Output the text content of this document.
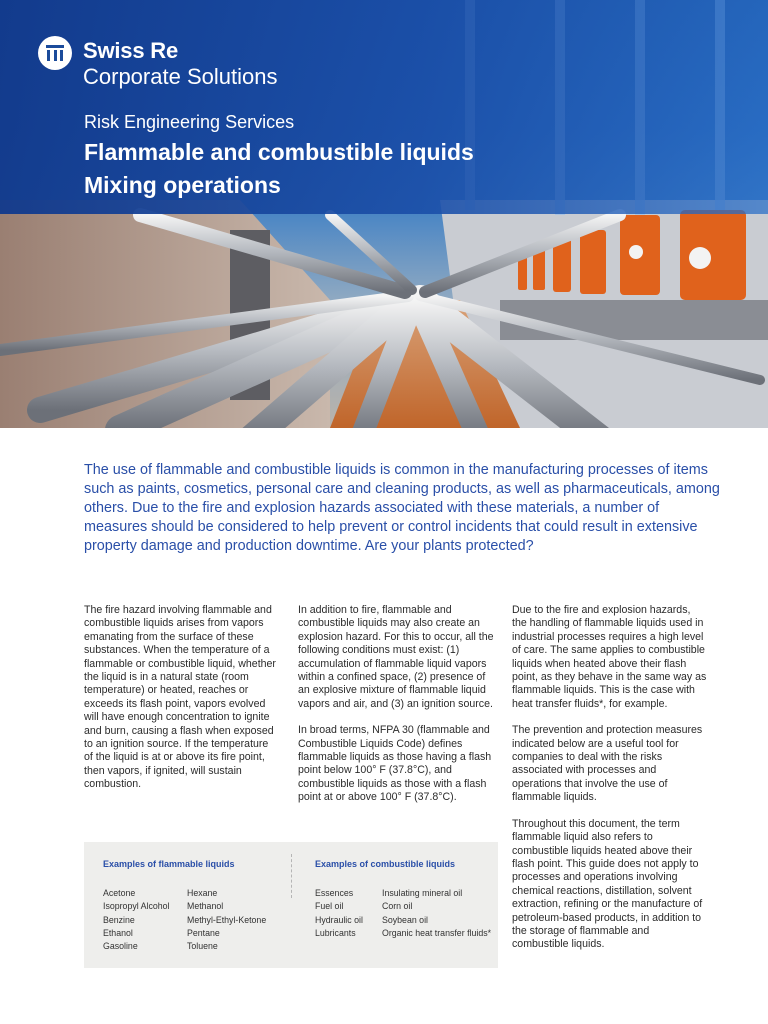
Swiss Re
Corporate Solutions
Risk Engineering Services
Flammable and combustible liquids
Mixing operations

The use of flammable and combustible liquids is common in the manufacturing processes of items such as paints, cosmetics, personal care and cleaning products, as well as pharmaceuticals, among others. Due to the fire and explosion hazards associated with these materials, a number of measures should be considered to help prevent or control incidents that could result in extensive property damage and production downtime. Are your plants protected?

The fire hazard involving flammable and combustible liquids arises from vapors emanating from the surface of these substances. When the temperature of a flammable or combustible liquid, whether the liquid is in a natural state (room temperature) or heated, reaches or exceeds its flash point, vapors evolved will have enough concentration to ignite and burn, causing a flash when exposed to an ignition source. If the temperature of the liquid is at or above its fire point, then vapors, if ignited, will sustain combustion.

In addition to fire, flammable and combustible liquids may also create an explosion hazard. For this to occur, all the following conditions must exist: (1) accumulation of flammable liquid vapors within a confined space, (2) presence of an explosive mixture of flammable liquid vapors and air, and (3) an ignition source.

In broad terms, NFPA 30 (flammable and Combustible Liquids Code) defines flammable liquids as those having a flash point below 100° F (37.8°C), and combustible liquids as those with a flash point at or above 100° F (37.8°C).

Due to the fire and explosion hazards, the handling of flammable liquids used in industrial processes requires a high level of care. The same applies to combustible liquids when heated above their flash point, as they behave in the same way as flammable liquids. This is the case with heat transfer fluids*, for example.

The prevention and protection measures indicated below are a useful tool for companies to deal with the risks associated with processes and operations that involve the use of flammable liquids.

Throughout this document, the term flammable liquid also refers to combustible liquids heated above their flash point. This guide does not apply to processes and operations involving chemical reactions, distillation, solvent extraction, refining or the manufacture of petroleum-based products, in addition to the storage of flammable and combustible liquids.

Examples of flammable liquids
Acetone
Isopropyl Alcohol
Benzine
Ethanol
Gasoline
Hexane
Methanol
Methyl-Ethyl-Ketone
Pentane
Toluene
Examples of combustible liquids
Essences
Fuel oil
Hydraulic oil
Lubricants
Insulating mineral oil
Corn oil
Soybean oil
Organic heat transfer fluids*
